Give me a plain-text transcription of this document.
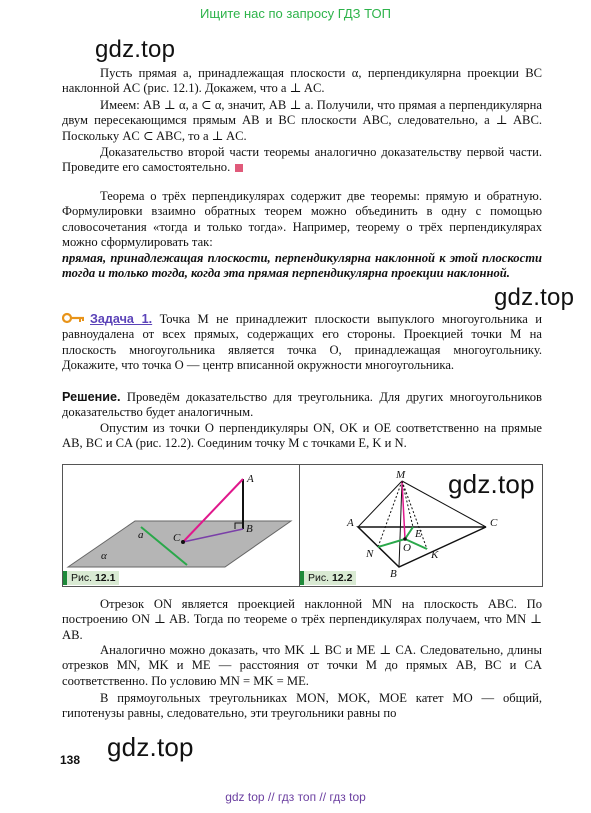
Ищите нас по запросу ГДЗ ТОП
gdz.top

Пусть прямая a, принадлежащая плоскости α, перпендикулярна проекции BC наклонной AC (рис. 12.1). Докажем, что a ⊥ AC.

Имеем: AB ⊥ α, a ⊂ α, значит, AB ⊥ a. Получили, что прямая a перпендикулярна двум пересекающимся прямым AB и BC плоскости ABC, следовательно, a ⊥ ABC. Поскольку AC ⊂ ABC, то a ⊥ AC.

Доказательство второй части теоремы аналогично доказательству первой части. Проведите его самостоятельно.

Теорема о трёх перпендикулярах содержит две теоремы: прямую и обратную. Формулировки взаимно обратных теорем можно объединить в одну с помощью словосочетания «тогда и только тогда». Например, теорему о трёх перпендикулярах можно сформулировать так:

прямая, принадлежащая плоскости, перпендикулярна наклонной к этой плоскости тогда и только тогда, когда эта прямая перпендикулярна проекции наклонной.

gdz.top

Задача 1. Точка M не принадлежит плоскости выпуклого многоугольника и равноудалена от всех прямых, содержащих его стороны. Проекцией точки M на плоскость многоугольника является точка O, принадлежащая многоугольнику. Докажите, что точка O — центр вписанной окружности многоугольника.

Решение. Проведём доказательство для треугольника. Для других многоугольников доказательство будет аналогичным.

Опустим из точки O перпендикуляры ON, OK и OE соответственно на прямые AB, BC и CA (рис. 12.2). Соединим точку M с точками E, K и N.

A
B
C
a
α
Рис. 12.1
M
A	C
E
O
N	K
B
Рис. 12.2
gdz.top

Отрезок ON является проекцией наклонной MN на плоскость ABC. По построению ON ⊥ AB. Тогда по теореме о трёх перпендикулярах получаем, что MN ⊥ AB.

Аналогично можно доказать, что MK ⊥ BC и ME ⊥ CA. Следовательно, длины отрезков MN, MK и ME — расстояния от точки M до прямых AB, BC и CA соответственно. По условию MN = MK = ME.

В прямоугольных треугольниках MON, MOK, MOE катет MO — общий, гипотенузы равны, следовательно, эти треугольники равны по

gdz.top
138
gdz top // гдз топ // гдз top
